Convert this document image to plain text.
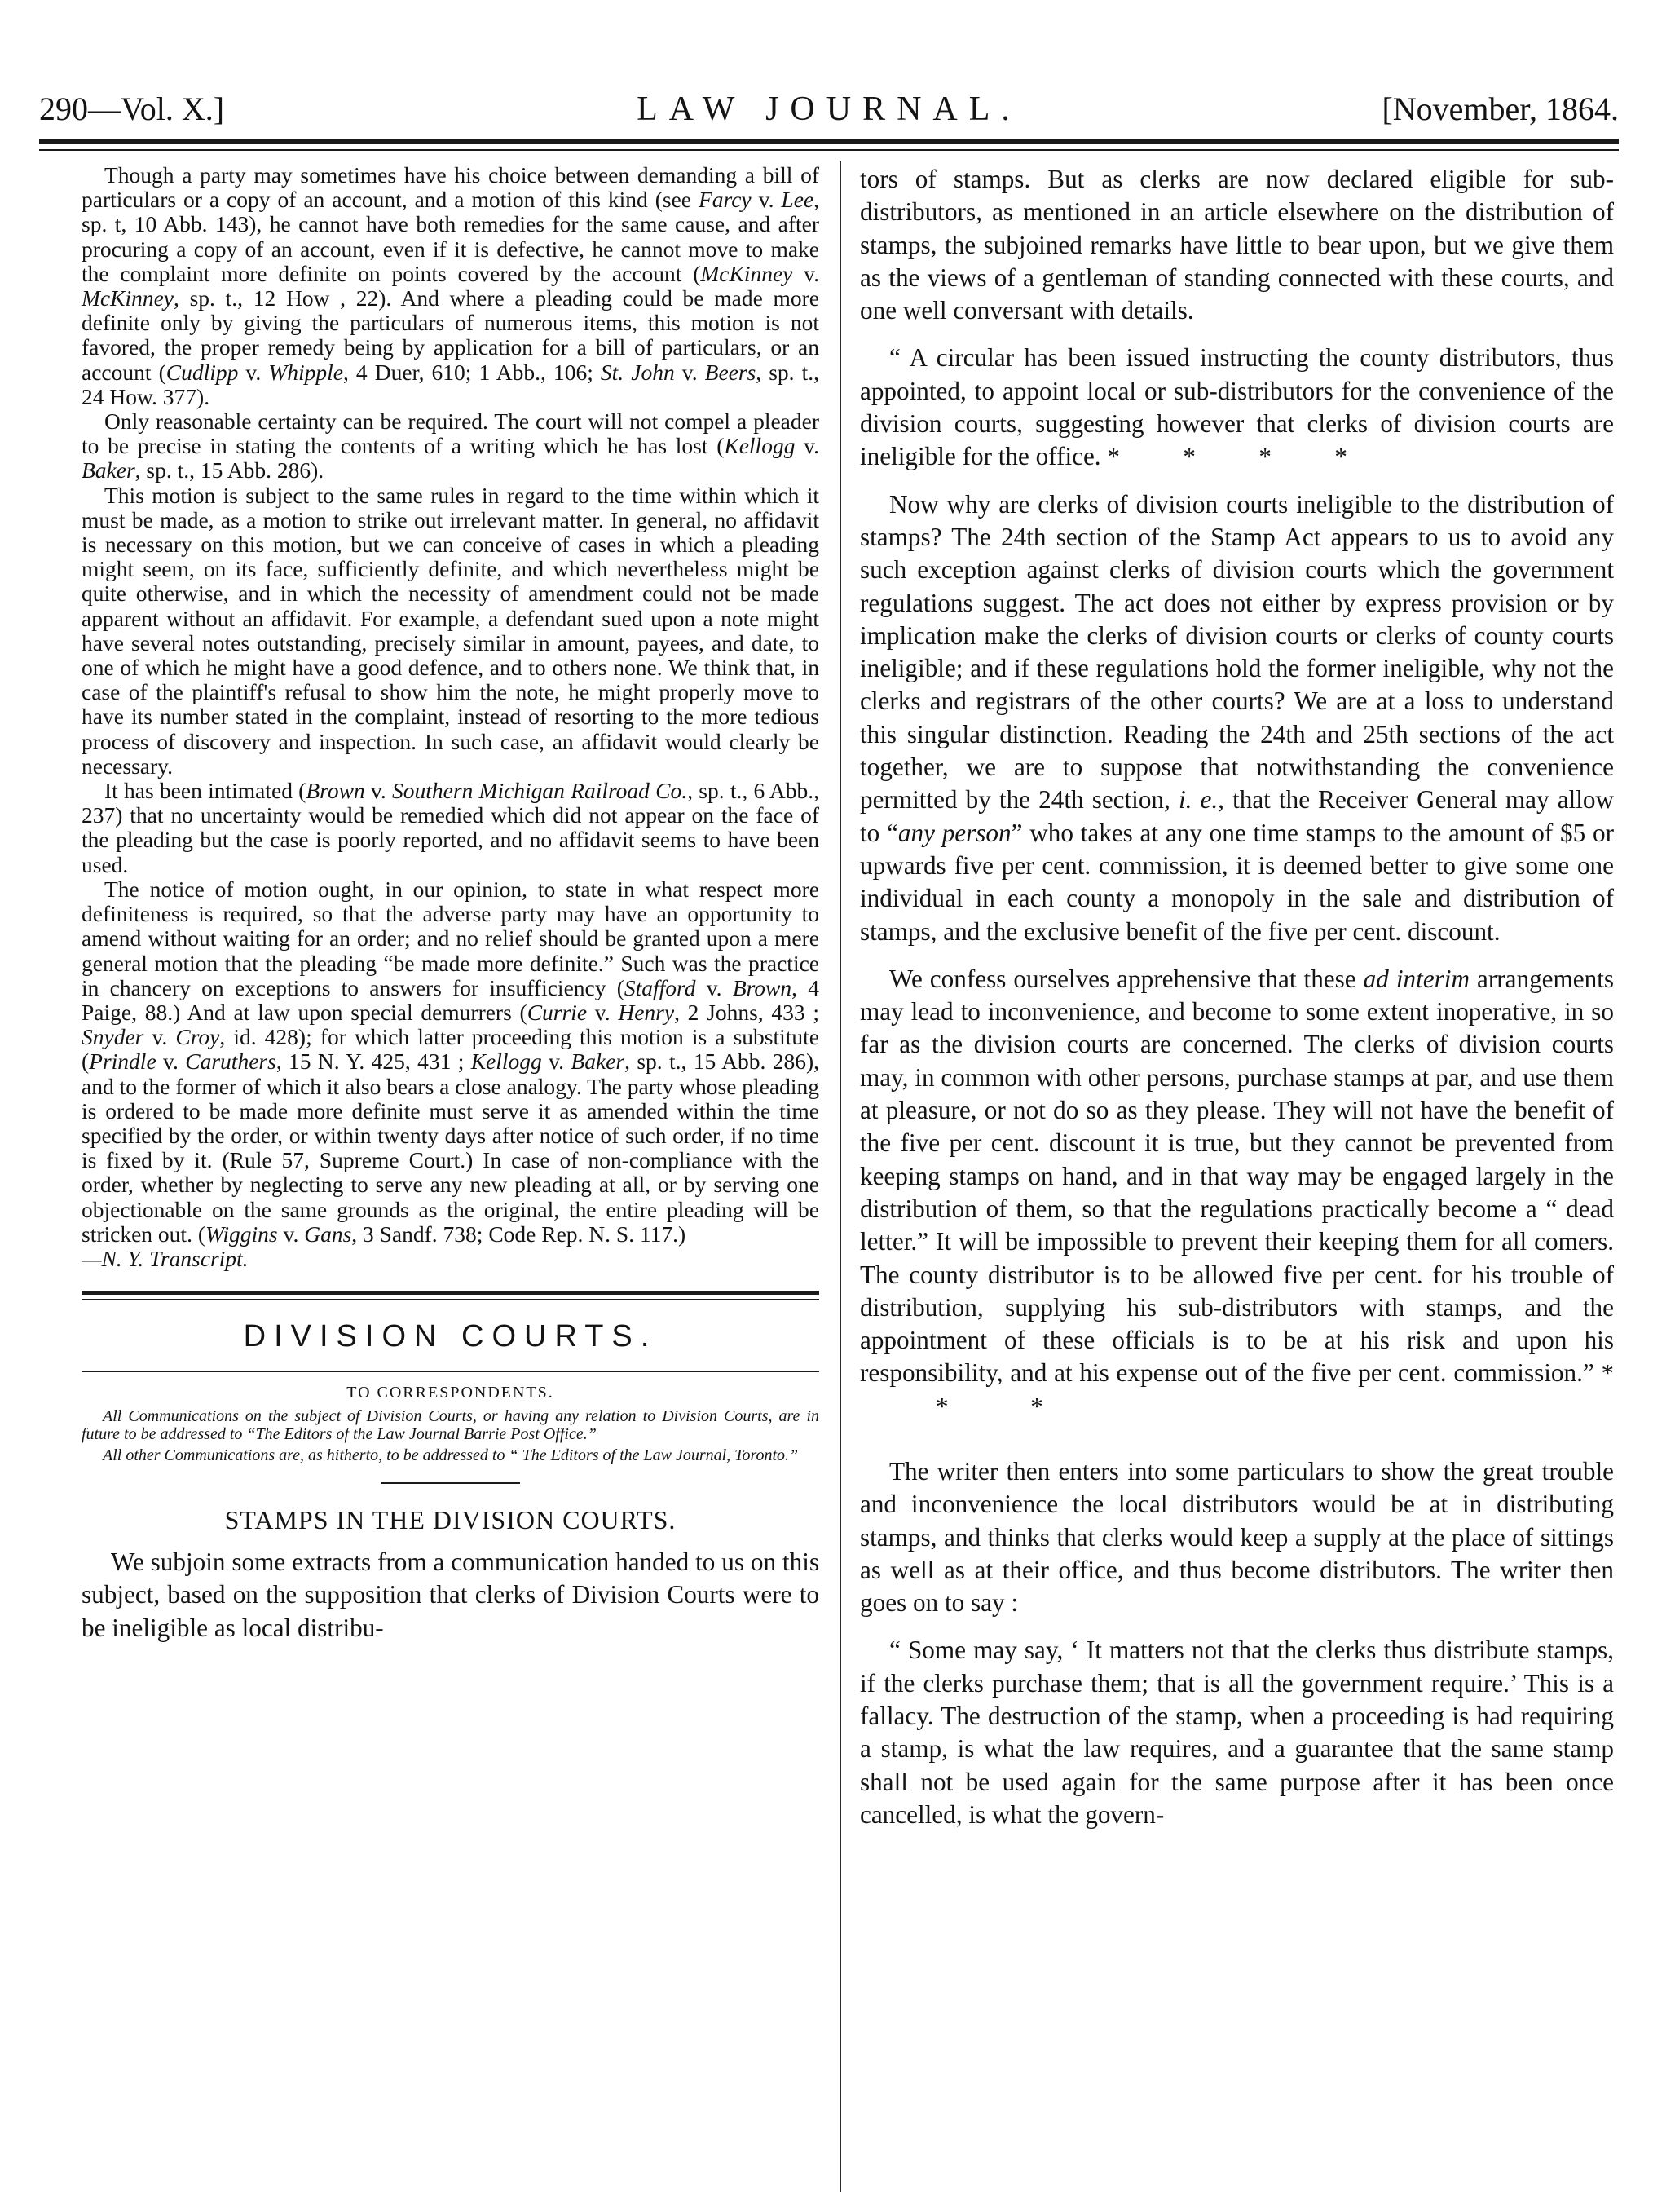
290—Vol. X.]	LAW JOURNAL.	[November, 1864.

Though a party may sometimes have his choice between demanding a bill of particulars or a copy of an account, and a motion of this kind (see Farcy v. Lee, sp. t, 10 Abb. 143), he cannot have both remedies for the same cause, and after procuring a copy of an account, even if it is defective, he cannot move to make the complaint more definite on points covered by the account (McKinney v. McKinney, sp. t., 12 How , 22). And where a pleading could be made more definite only by giving the particulars of numerous items, this motion is not favored, the proper remedy being by application for a bill of particulars, or an account (Cudlipp v. Whipple, 4 Duer, 610; 1 Abb., 106; St. John v. Beers, sp. t., 24 How. 377).

Only reasonable certainty can be required. The court will not compel a pleader to be precise in stating the contents of a writing which he has lost (Kellogg v. Baker, sp. t., 15 Abb. 286).

This motion is subject to the same rules in regard to the time within which it must be made, as a motion to strike out irrelevant matter. In general, no affidavit is necessary on this motion, but we can conceive of cases in which a pleading might seem, on its face, sufficiently definite, and which nevertheless might be quite otherwise, and in which the necessity of amendment could not be made apparent without an affidavit. For example, a defendant sued upon a note might have several notes outstanding, precisely similar in amount, payees, and date, to one of which he might have a good defence, and to others none. We think that, in case of the plaintiff's refusal to show him the note, he might properly move to have its number stated in the complaint, instead of resorting to the more tedious process of discovery and inspection. In such case, an affidavit would clearly be necessary.

It has been intimated (Brown v. Southern Michigan Railroad Co., sp. t., 6 Abb., 237) that no uncertainty would be remedied which did not appear on the face of the pleading but the case is poorly reported, and no affidavit seems to have been used.

The notice of motion ought, in our opinion, to state in what respect more definiteness is required, so that the adverse party may have an opportunity to amend without waiting for an order; and no relief should be granted upon a mere general motion that the pleading “be made more definite.” Such was the practice in chancery on exceptions to answers for insufficiency (Stafford v. Brown, 4 Paige, 88.) And at law upon special demurrers (Currie v. Henry, 2 Johns, 433 ; Snyder v. Croy, id. 428); for which latter proceeding this motion is a substitute (Prindle v. Caruthers, 15 N. Y. 425, 431 ; Kellogg v. Baker, sp. t., 15 Abb. 286), and to the former of which it also bears a close analogy. The party whose pleading is ordered to be made more definite must serve it as amended within the time specified by the order, or within twenty days after notice of such order, if no time is fixed by it. (Rule 57, Supreme Court.) In case of non-compliance with the order, whether by neglecting to serve any new pleading at all, or by serving one objectionable on the same grounds as the original, the entire pleading will be stricken out. (Wiggins v. Gans, 3 Sandf. 738; Code Rep. N. S. 117.)

—N. Y. Transcript.

DIVISION COURTS.
TO CORRESPONDENTS.

All Communications on the subject of Division Courts, or having any relation to Division Courts, are in future to be addressed to “The Editors of the Law Journal Barrie Post Office.”

All other Communications are, as hitherto, to be addressed to “ The Editors of the Law Journal, Toronto.”

STAMPS IN THE DIVISION COURTS.

We subjoin some extracts from a communication handed to us on this subject, based on the supposition that clerks of Division Courts were to be ineligible as local distribu-

tors of stamps. But as clerks are now declared eligible for sub-distributors, as mentioned in an article elsewhere on the distribution of stamps, the subjoined remarks have little to bear upon, but we give them as the views of a gentleman of standing connected with these courts, and one well conversant with details.

“ A circular has been issued instructing the county distributors, thus appointed, to appoint local or sub-distributors for the convenience of the division courts, suggesting however that clerks of division courts are ineligible for the office. *          *          *          *

Now why are clerks of division courts ineligible to the distribution of stamps? The 24th section of the Stamp Act appears to us to avoid any such exception against clerks of division courts which the government regulations suggest. The act does not either by express provision or by implication make the clerks of division courts or clerks of county courts ineligible; and if these regulations hold the former ineligible, why not the clerks and registrars of the other courts? We are at a loss to understand this singular distinction. Reading the 24th and 25th sections of the act together, we are to suppose that notwithstanding the convenience permitted by the 24th section, i. e., that the Receiver General may allow to “any person” who takes at any one time stamps to the amount of $5 or upwards five per cent. commission, it is deemed better to give some one individual in each county a monopoly in the sale and distribution of stamps, and the exclusive benefit of the five per cent. discount.

We confess ourselves apprehensive that these ad interim arrangements may lead to inconvenience, and become to some extent inoperative, in so far as the division courts are concerned. The clerks of division courts may, in common with other persons, purchase stamps at par, and use them at pleasure, or not do so as they please. They will not have the benefit of the five per cent. discount it is true, but they cannot be prevented from keeping stamps on hand, and in that way may be engaged largely in the distribution of them, so that the regulations practically become a “ dead letter.” It will be impossible to prevent their keeping them for all comers. The county distributor is to be allowed five per cent. for his trouble of distribution, supplying his sub-distributors with stamps, and the appointment of these officials is to be at his risk and upon his responsibility, and at his expense out of the five per cent. commission.” *             *             *

The writer then enters into some particulars to show the great trouble and inconvenience the local distributors would be at in distributing stamps, and thinks that clerks would keep a supply at the place of sittings as well as at their office, and thus become distributors. The writer then goes on to say :

“ Some may say, ‘ It matters not that the clerks thus distribute stamps, if the clerks purchase them; that is all the government require.’ This is a fallacy. The destruction of the stamp, when a proceeding is had requiring a stamp, is what the law requires, and a guarantee that the same stamp shall not be used again for the same purpose after it has been once cancelled, is what the govern-
